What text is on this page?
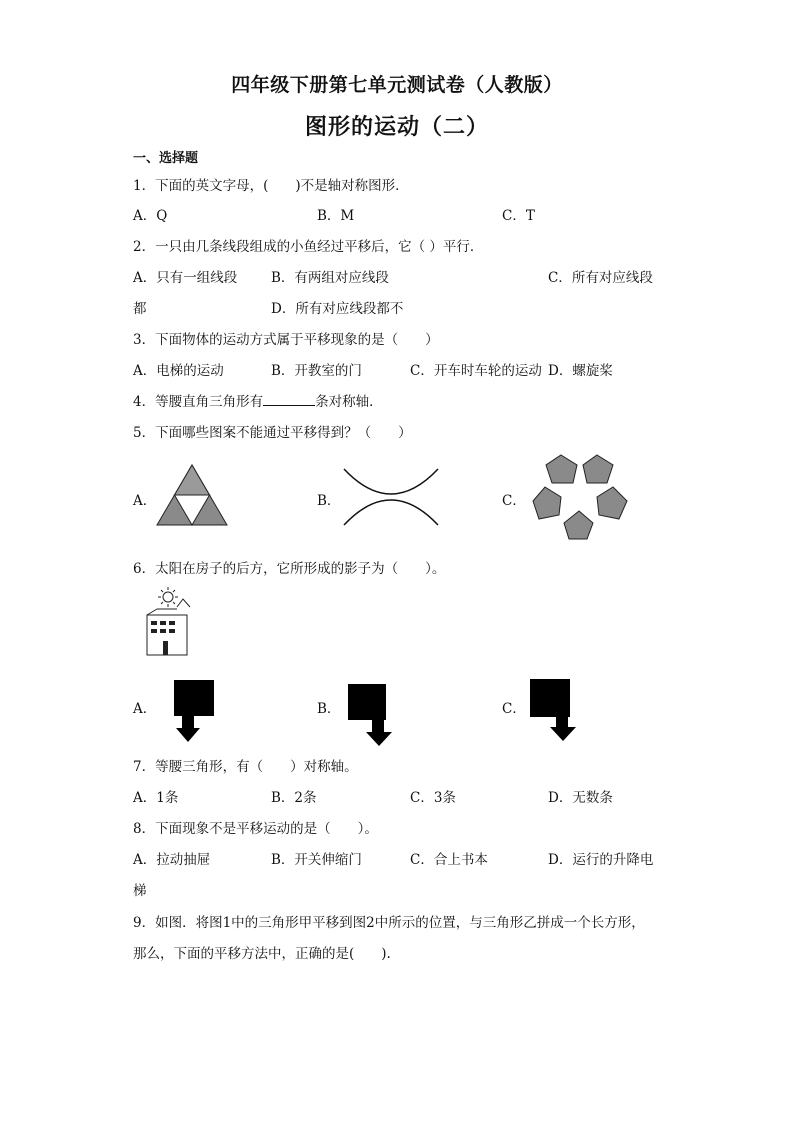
四年级下册第七单元测试卷（人教版）
图形的运动（二）
一、选择题
1．下面的英文字母，(　　)不是轴对称图形．
A．Q	B．M	C．T
2．一只由几条线段组成的小鱼经过平移后，它（ ）平行．
A．只有一组线段	B．有两组对应线段	C．所有对应线段
都	D．所有对应线段都不
3．下面物体的运动方式属于平移现象的是（　　）
A．电梯的运动	B．开教室的门	C．开车时车轮的运动 D．螺旋桨
4．等腰直角三角形有	条对称轴．
5．下面哪些图案不能通过平移得到？（　　）
A．	B．	C．
6．太阳在房子的后方，它所形成的影子为（　　）。
A．	B．	C．
7．等腰三角形，有（　　）对称轴。
A．1条	B．2条	C．3条	D．无数条
8．下面现象不是平移运动的是（　　）。
A．拉动抽屉	B．开关伸缩门	C．合上书本	D．运行的升降电
梯
9．如图．将图1中的三角形甲平移到图2中所示的位置，与三角形乙拼成一个长方形，
那么，下面的平移方法中，正确的是(　　).
